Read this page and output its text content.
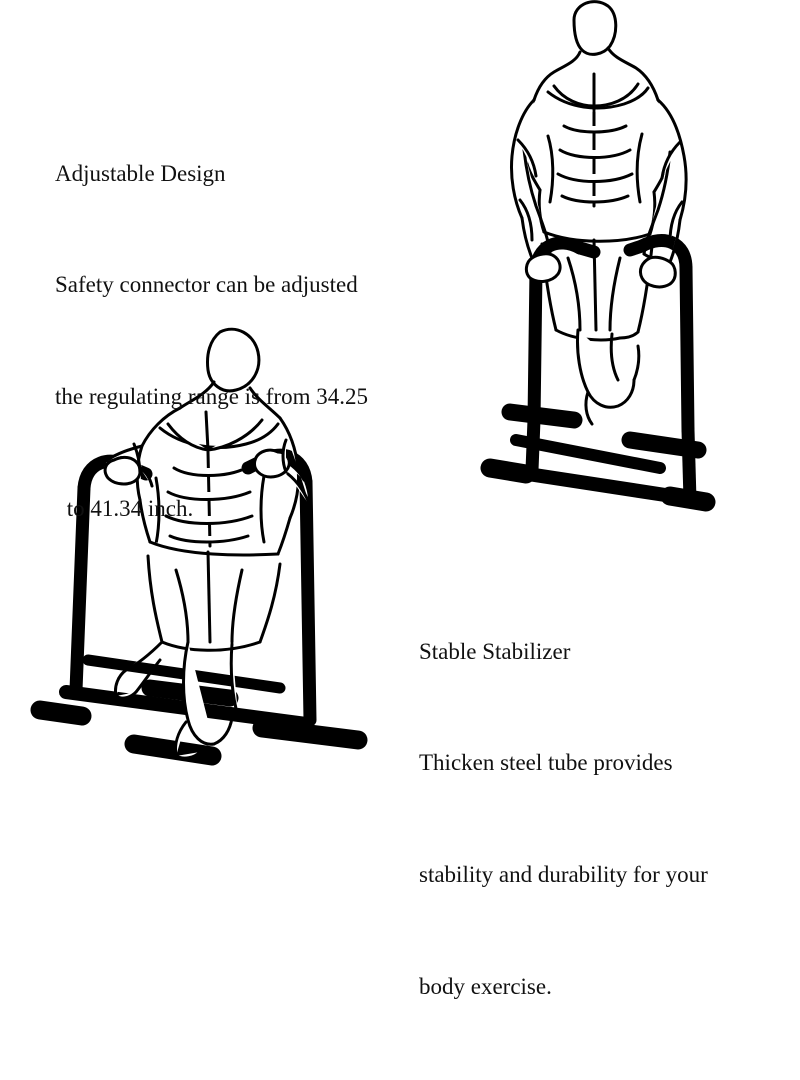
Adjustable Design

Safety connector can be adjusted

the regulating range is from 34.25

to 41.34 inch.

Stable Stabilizer

Thicken steel tube provides

stability and durability for your

body exercise.
